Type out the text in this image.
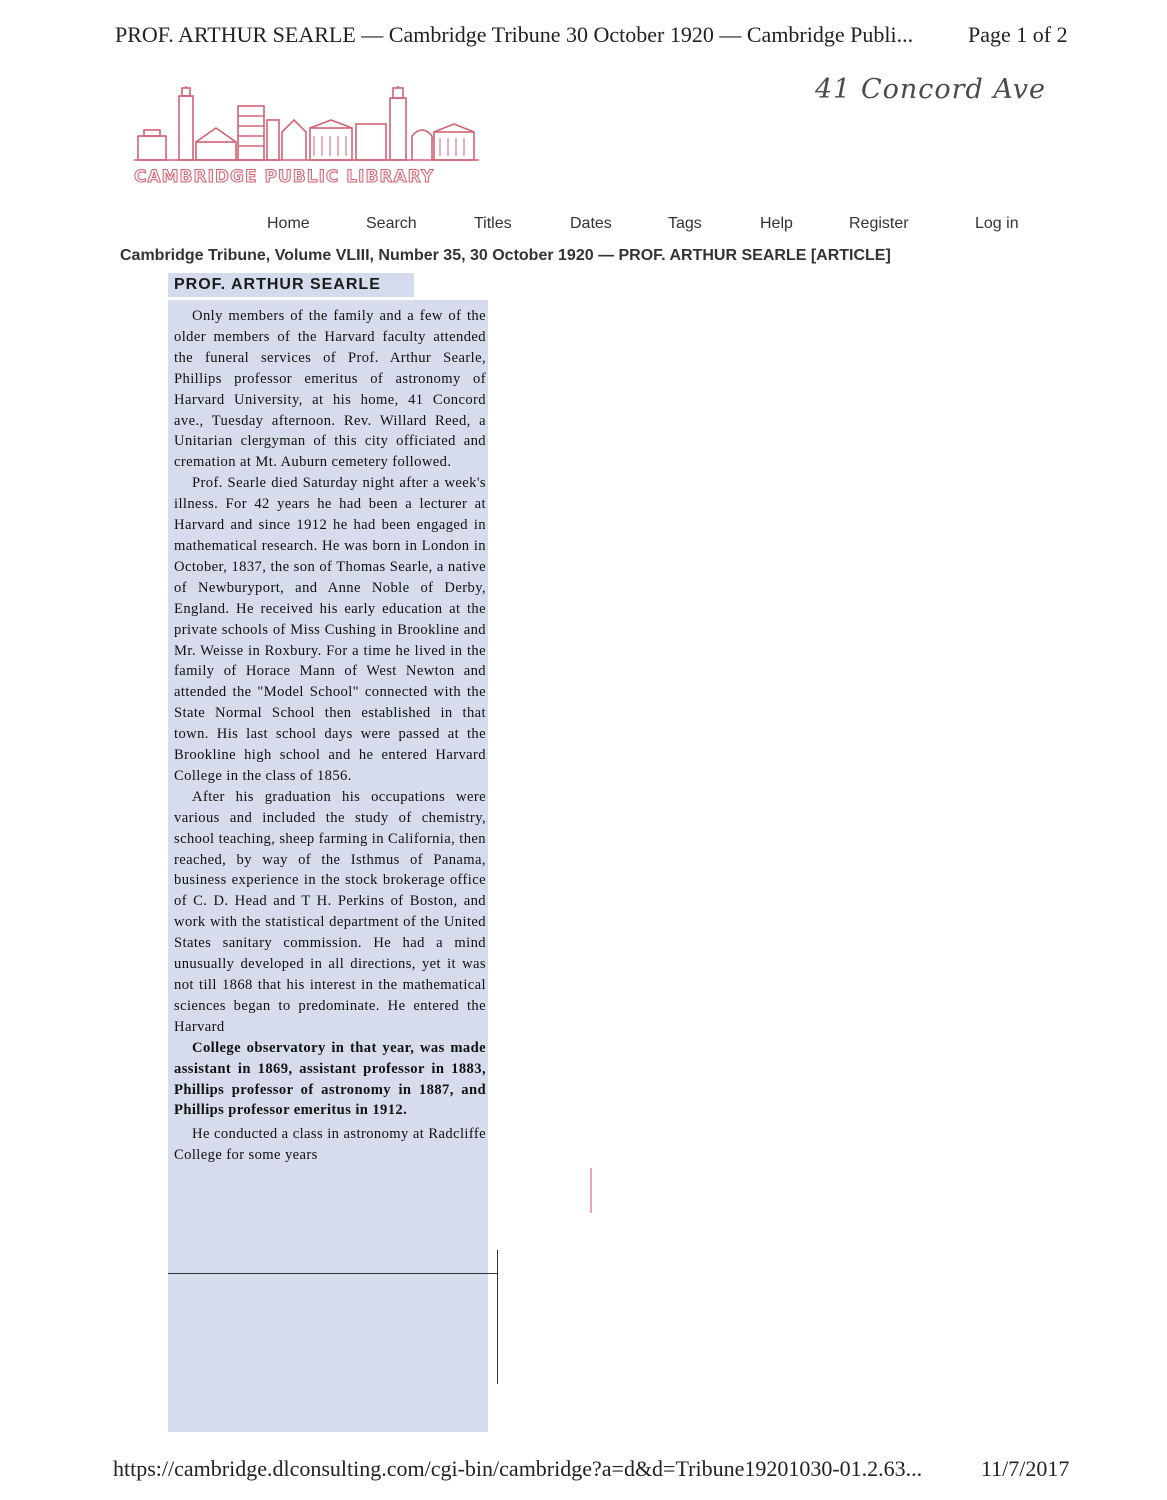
PROF. ARTHUR SEARLE — Cambridge Tribune 30 October 1920 — Cambridge Publi... Page 1 of 2
41 Concord Ave
CAMBRIDGE PUBLIC LIBRARY
Home	Search	Titles	Dates	Tags	Help	Register	Log in
Cambridge Tribune, Volume VLIII, Number 35, 30 October 1920 — PROF. ARTHUR SEARLE [ARTICLE]
PROF. ARTHUR SEARLE

Only members of the family and a few of the older members of the Harvard faculty attended the funeral services of Prof. Arthur Searle, Phillips professor emeritus of astronomy of Harvard University, at his home, 41 Concord ave., Tuesday afternoon. Rev. Willard Reed, a Unitarian clergyman of this city officiated and cremation at Mt. Auburn cemetery followed.

Prof. Searle died Saturday night after a week's illness. For 42 years he had been a lecturer at Harvard and since 1912 he had been engaged in mathematical research. He was born in London in October, 1837, the son of Thomas Searle, a native of Newburyport, and Anne Noble of Derby, England. He received his early education at the private schools of Miss Cushing in Brookline and Mr. Weisse in Roxbury. For a time he lived in the family of Horace Mann of West Newton and attended the "Model School" connected with the State Normal School then established in that town. His last school days were passed at the Brookline high school and he entered Harvard College in the class of 1856.

After his graduation his occupations were various and included the study of chemistry, school teaching, sheep farming in California, then reached, by way of the Isthmus of Panama, business experience in the stock brokerage office of C. D. Head and T H. Perkins of Boston, and work with the statistical department of the United States sanitary commission. He had a mind unusually developed in all directions, yet it was not till 1868 that his interest in the mathematical sciences began to predominate. He entered the Harvard

College observatory in that year, was made assistant in 1869, assistant professor in 1883, Phillips professor of astronomy in 1887, and Phillips professor emeritus in 1912.

He conducted a class in astronomy at Radcliffe College for some years

https://cambridge.dlconsulting.com/cgi-bin/cambridge?a=d&d=Tribune19201030-01.2.63...	11/7/2017
